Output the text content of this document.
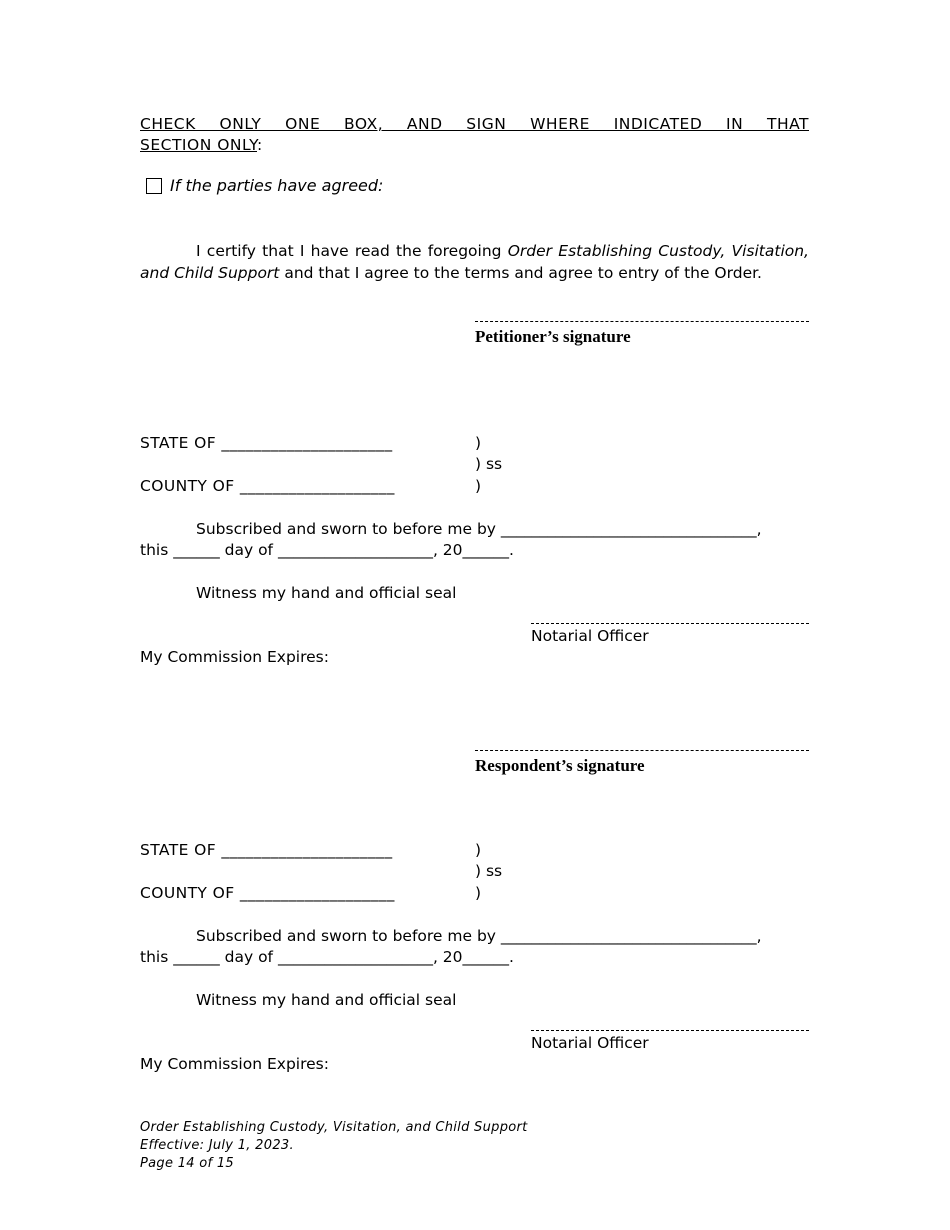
CHECK ONLY ONE BOX, AND SIGN WHERE INDICATED IN THAT
SECTION ONLY:
If the parties have agreed:
I certify that I have read the foregoing Order Establishing Custody, Visitation, and Child Support and that I agree to the terms and agree to entry of the Order.
Petitioner’s signature
STATE OF _____________________	)
) ss
COUNTY OF ___________________	)
Subscribed and sworn to before me by _________________________________,
this ______ day of ____________________, 20______.
Witness my hand and official seal
Notarial Officer
My Commission Expires:
Respondent’s signature
STATE OF _____________________	)
) ss
COUNTY OF ___________________	)
Subscribed and sworn to before me by _________________________________,
this ______ day of ____________________, 20______.
Witness my hand and official seal
Notarial Officer
My Commission Expires:
Order Establishing Custody, Visitation, and Child Support
Effective: July 1, 2023.
Page 14 of 15
